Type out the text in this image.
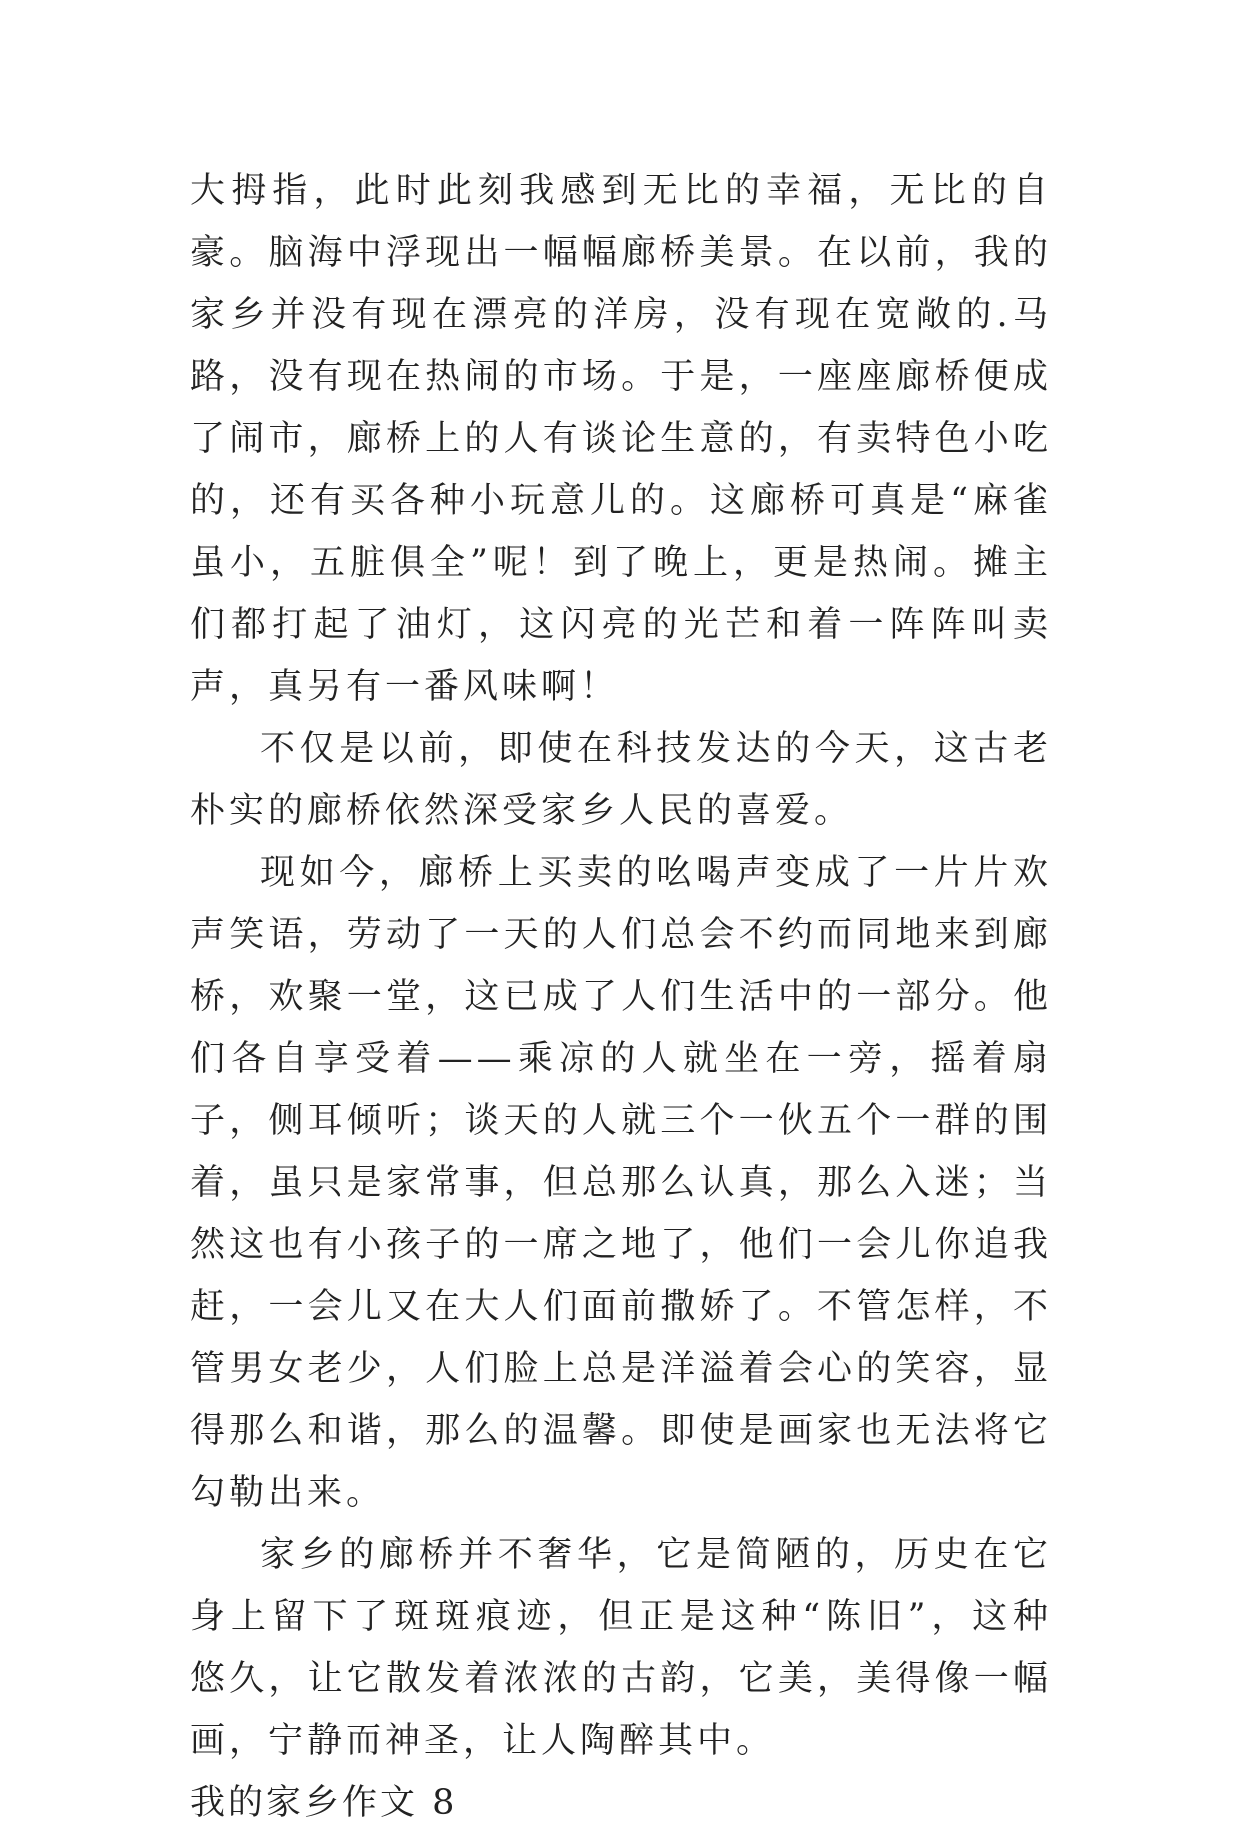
大拇指，此时此刻我感到无比的幸福，无比的自豪。脑海中浮现出一幅幅廊桥美景。在以前，我的家乡并没有现在漂亮的洋房，没有现在宽敞的.马路，没有现在热闹的市场。于是，一座座廊桥便成了闹市，廊桥上的人有谈论生意的，有卖特色小吃的，还有买各种小玩意儿的。这廊桥可真是“麻雀虽小，五脏俱全”呢！到了晚上，更是热闹。摊主们都打起了油灯，这闪亮的光芒和着一阵阵叫卖声，真另有一番风味啊！

不仅是以前，即使在科技发达的今天，这古老朴实的廊桥依然深受家乡人民的喜爱。

现如今，廊桥上买卖的吆喝声变成了一片片欢声笑语，劳动了一天的人们总会不约而同地来到廊桥，欢聚一堂，这已成了人们生活中的一部分。他们各自享受着——乘凉的人就坐在一旁，摇着扇子，侧耳倾听；谈天的人就三个一伙五个一群的围着，虽只是家常事，但总那么认真，那么入迷；当然这也有小孩子的一席之地了，他们一会儿你追我赶，一会儿又在大人们面前撒娇了。不管怎样，不管男女老少，人们脸上总是洋溢着会心的笑容，显得那么和谐，那么的温馨。即使是画家也无法将它勾勒出来。

家乡的廊桥并不奢华，它是简陋的，历史在它身上留下了斑斑痕迹，但正是这种“陈旧”，这种悠久，让它散发着浓浓的古韵，它美，美得像一幅画，宁静而神圣，让人陶醉其中。

我的家乡作文 8
